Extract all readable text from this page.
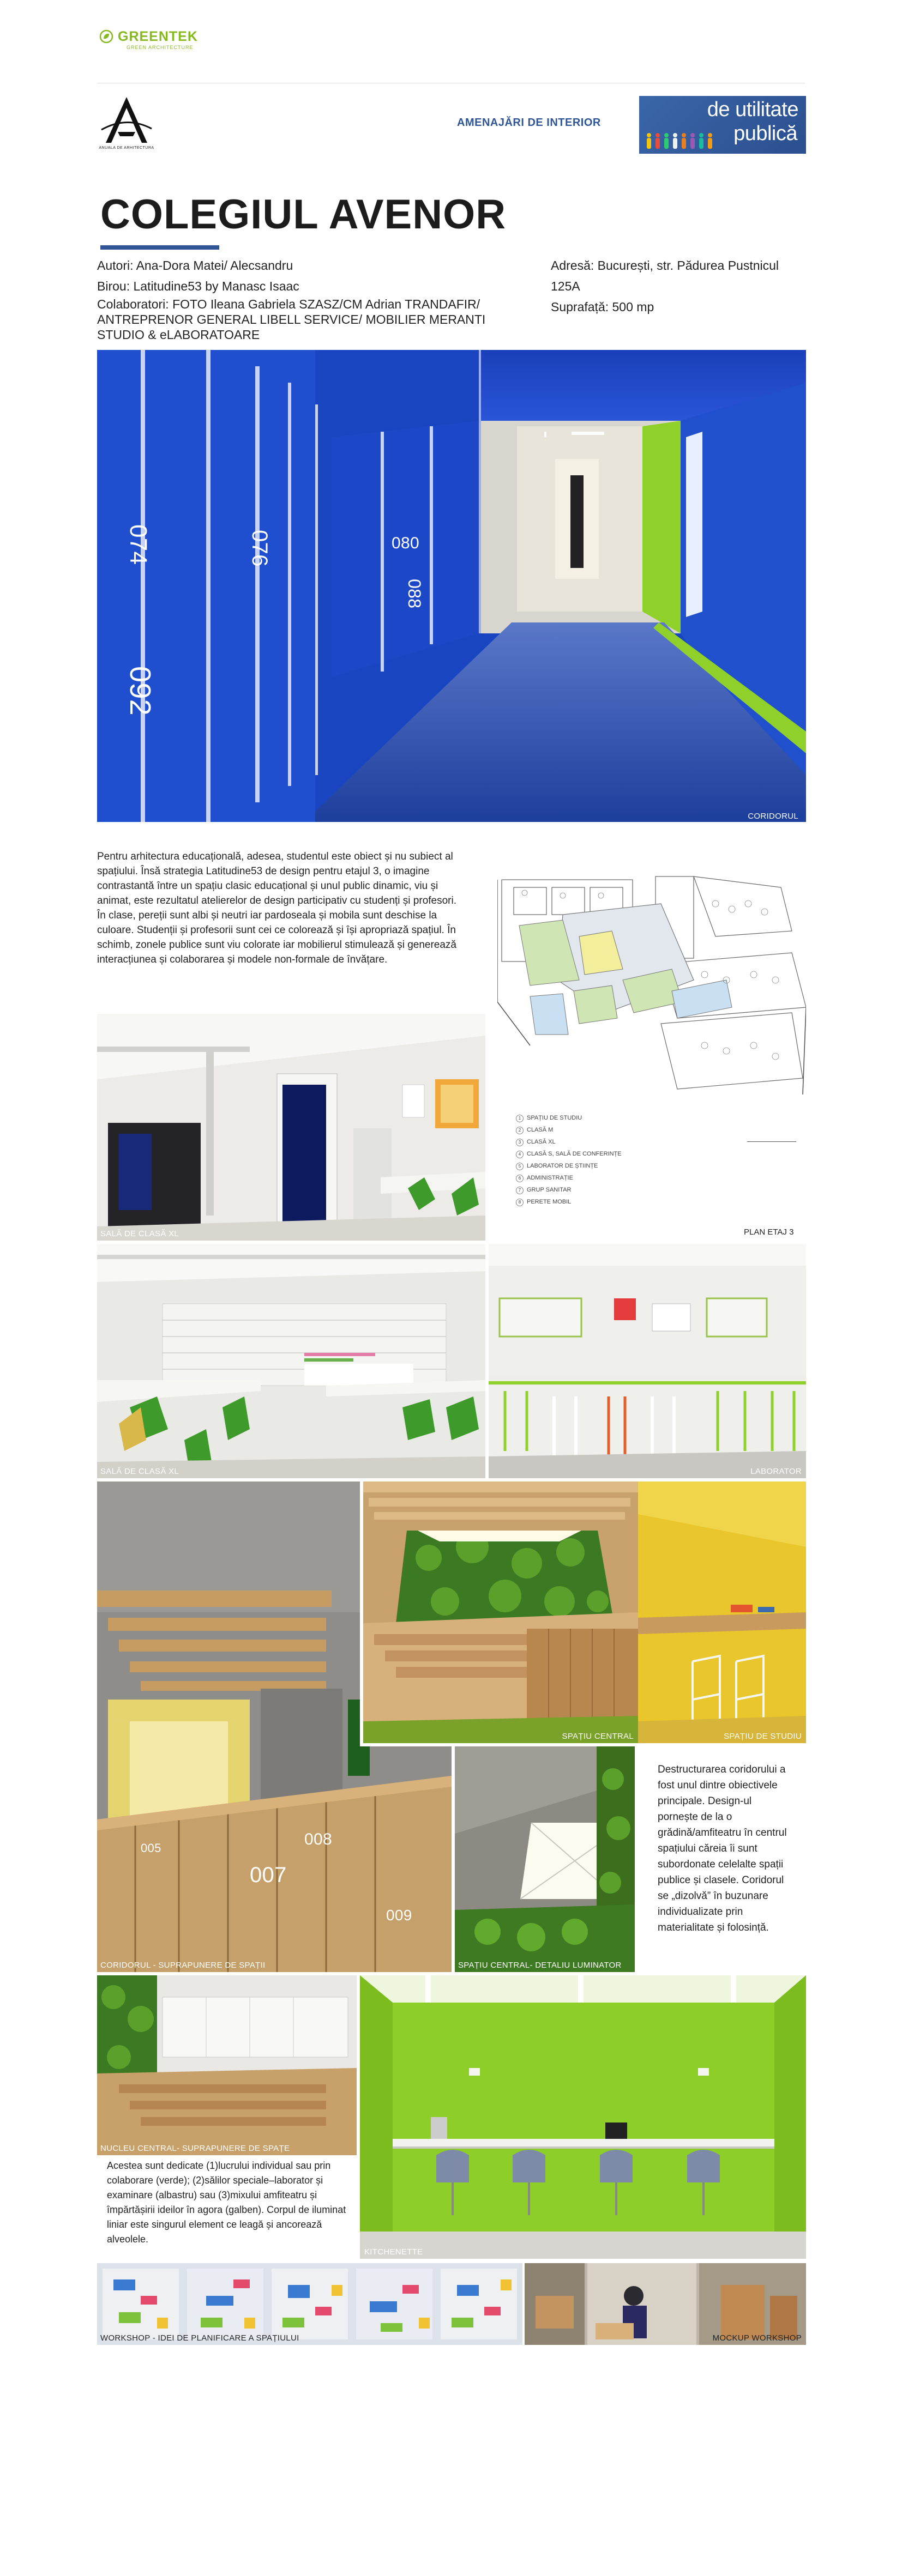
GREENTEK
GREEN ARCHITECTURE
ANUALA DE ARHITECTURA
AMENAJĂRI DE INTERIOR
de utilitate
publică
COLEGIUL AVENOR
Autori: Ana-Dora Matei/ Alecsandru
Birou: Latitudine53 by Manasc Isaac
Colaboratori: FOTO Ileana Gabriela SZASZ/CM Adrian TRANDAFIR/ ANTREPRENOR GENERAL LIBELL SERVICE/ MOBILIER MERANTI STUDIO & eLABORATOARE
Adresă: București, str. Pădurea Pustnicul 125A
Suprafață: 500 mp
074	076	080
088
092
CORIDORUL
Pentru arhitectura educațională, adesea, studentul este obiect și nu subiect al spațiului. Însă strategia Latitudine53 de design pentru etajul 3, o imagine contrastantă între un spațiu clasic educațional și unul public dinamic, viu și animat, este rezultatul atelierelor de design participativ cu studenți și profesori. În clase, pereții sunt albi și neutri iar pardoseala și mobila sunt deschise la culoare. Studenții și profesorii sunt cei ce colorează și își apropriază spațiul. În schimb, zonele publice sunt viu colorate iar mobilierul stimulează și generează interacțiunea și colaborarea și modele non-formale de învățare.
1 SPAȚIU DE STUDIU
2 CLASĂ M
3 CLASĂ XL
4 CLASĂ S, SALĂ DE CONFERINȚE
5 LABORATOR DE ȘTIINȚE
6 ADMINISTRAȚIE
7 GRUP SANITAR
8 PERETE MOBIL
PLAN ETAJ 3
SALĂ DE CLASĂ XL
SALĂ DE CLASĂ XL	LABORATOR
005
007
008
009
CORIDORUL - SUPRAPUNERE DE SPAȚII
SPAȚIU CENTRAL	SPAȚIU DE STUDIU
SPAȚIU CENTRAL- DETALIU LUMINATOR
Destructurarea coridorului a fost unul dintre obiectivele principale. Design-ul pornește de la o grădină/amfiteatru în centrul spațiului căreia îi sunt subordonate celelalte spații publice și clasele. Coridorul se „dizolvă” în buzunare individualizate prin materialitate și folosință.
NUCLEU CENTRAL- SUPRAPUNERE DE SPAȚE
Acestea sunt dedicate (1)lucrului individual sau prin colaborare (verde); (2)sălilor speciale–laborator și examinare (albastru) sau (3)mixului amfiteatru și împărtășirii ideilor în agora (galben). Corpul de iluminat liniar este singurul element ce leagă și ancorează alveolele.
KITCHENETTE
WORKSHOP - IDEI DE PLANIFICARE A SPAȚIULUI	MOCKUP WORKSHOP
